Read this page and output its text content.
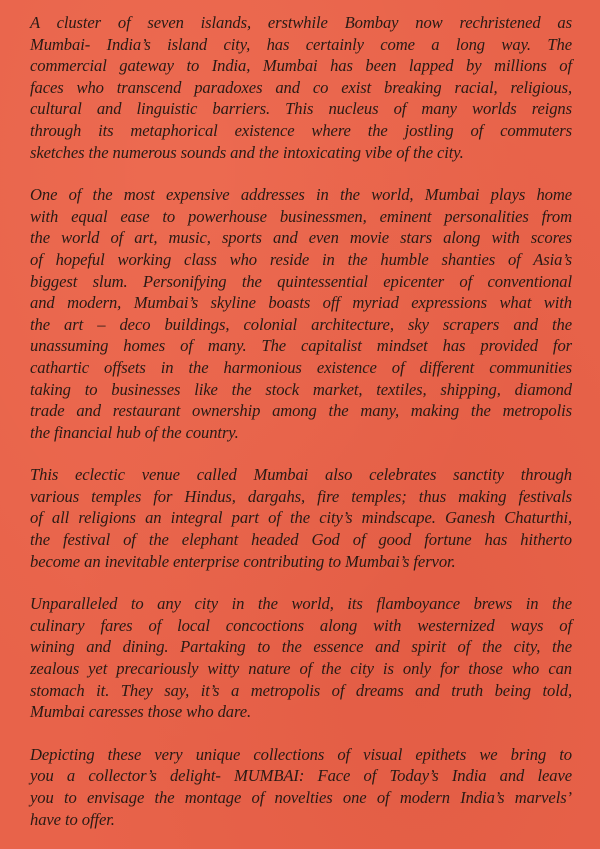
A cluster of seven islands, erstwhile Bombay now rechristened as
Mumbai- India’s island city, has certainly come a long way. The
commercial gateway to India, Mumbai has been lapped by millions of
faces who transcend paradoxes and co exist breaking racial, religious,
cultural and linguistic barriers. This nucleus of many worlds reigns
through its metaphorical existence where the jostling of commuters
sketches the numerous sounds and the intoxicating vibe of the city.

One of the most expensive addresses in the world, Mumbai plays home
with equal ease to powerhouse businessmen, eminent personalities from
the world of art, music, sports and even movie stars along with scores
of hopeful working class who reside in the humble shanties of Asia’s
biggest slum. Personifying the quintessential epicenter of conventional
and modern, Mumbai’s skyline boasts off myriad expressions what with
the art – deco buildings, colonial architecture, sky scrapers and the
unassuming homes of many. The capitalist mindset has provided for
cathartic offsets in the harmonious existence of different communities
taking to businesses like the stock market, textiles, shipping, diamond
trade and restaurant ownership among the many, making the metropolis
the financial hub of the country.

This eclectic venue called Mumbai also celebrates sanctity through
various temples for Hindus, dargahs, fire temples; thus making festivals
of all religions an integral part of the city’s mindscape. Ganesh Chaturthi,
the festival of the elephant headed God of good fortune has hitherto
become an inevitable enterprise contributing to Mumbai’s fervor.

Unparalleled to any city in the world, its flamboyance brews in the
culinary fares of local concoctions along with westernized ways of
wining and dining. Partaking to the essence and spirit of the city, the
zealous yet precariously witty nature of the city is only for those who can
stomach it. They say, it’s a metropolis of dreams and truth being told,
Mumbai caresses those who dare.

Depicting these very unique collections of visual epithets we bring to
you a collector’s delight- MUMBAI: Face of Today’s India and leave
you to envisage the montage of novelties one of modern India’s marvels’
have to offer.
